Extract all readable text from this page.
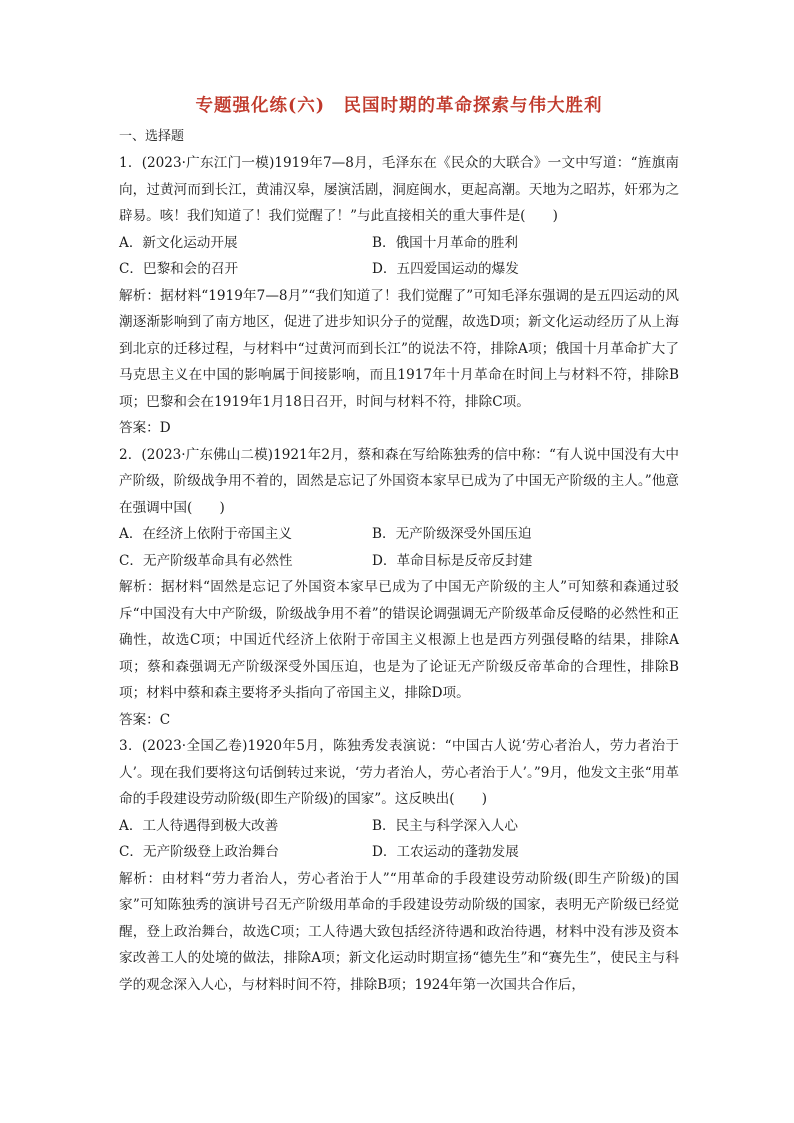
专题强化练(六)　民国时期的革命探索与伟大胜利
一、选择题

1．(2023·广东江门一模)1919年7—8月，毛泽东在《民众的大联合》一文中写道：“旌旗南向，过黄河而到长江，黄浦汉皋，屡演活剧，洞庭闽水，更起高潮。天地为之昭苏，奸邪为之辟易。咳！我们知道了！我们觉醒了！”与此直接相关的重大事件是(　　)

A．新文化运动开展	B．俄国十月革命的胜利
C．巴黎和会的召开	D．五四爱国运动的爆发

解析：据材料“1919年7—8月”“我们知道了！我们觉醒了”可知毛泽东强调的是五四运动的风潮逐渐影响到了南方地区，促进了进步知识分子的觉醒，故选D项；新文化运动经历了从上海到北京的迁移过程，与材料中“过黄河而到长江”的说法不符，排除A项；俄国十月革命扩大了马克思主义在中国的影响属于间接影响，而且1917年十月革命在时间上与材料不符，排除B项；巴黎和会在1919年1月18日召开，时间与材料不符，排除C项。

答案：D

2．(2023·广东佛山二模)1921年2月，蔡和森在写给陈独秀的信中称：“有人说中国没有大中产阶级，阶级战争用不着的，固然是忘记了外国资本家早已成为了中国无产阶级的主人。”他意在强调中国(　　)

A．在经济上依附于帝国主义	B．无产阶级深受外国压迫
C．无产阶级革命具有必然性	D．革命目标是反帝反封建

解析：据材料“固然是忘记了外国资本家早已成为了中国无产阶级的主人”可知蔡和森通过驳斥“中国没有大中产阶级，阶级战争用不着”的错误论调强调无产阶级革命反侵略的必然性和正确性，故选C项；中国近代经济上依附于帝国主义根源上也是西方列强侵略的结果，排除A项；蔡和森强调无产阶级深受外国压迫，也是为了论证无产阶级反帝革命的合理性，排除B项；材料中蔡和森主要将矛头指向了帝国主义，排除D项。

答案：C

3．(2023·全国乙卷)1920年5月，陈独秀发表演说：“中国古人说‘劳心者治人，劳力者治于人’。现在我们要将这句话倒转过来说，‘劳力者治人，劳心者治于人’。”9月，他发文主张“用革命的手段建设劳动阶级(即生产阶级)的国家”。这反映出(　　)

A．工人待遇得到极大改善	B．民主与科学深入人心
C．无产阶级登上政治舞台	D．工农运动的蓬勃发展

解析：由材料“劳力者治人，劳心者治于人”“用革命的手段建设劳动阶级(即生产阶级)的国家”可知陈独秀的演讲号召无产阶级用革命的手段建设劳动阶级的国家，表明无产阶级已经觉醒，登上政治舞台，故选C项；工人待遇大致包括经济待遇和政治待遇，材料中没有涉及资本家改善工人的处境的做法，排除A项；新文化运动时期宣扬“德先生”和“赛先生”，使民主与科学的观念深入人心，与材料时间不符，排除B项；1924年第一次国共合作后，
